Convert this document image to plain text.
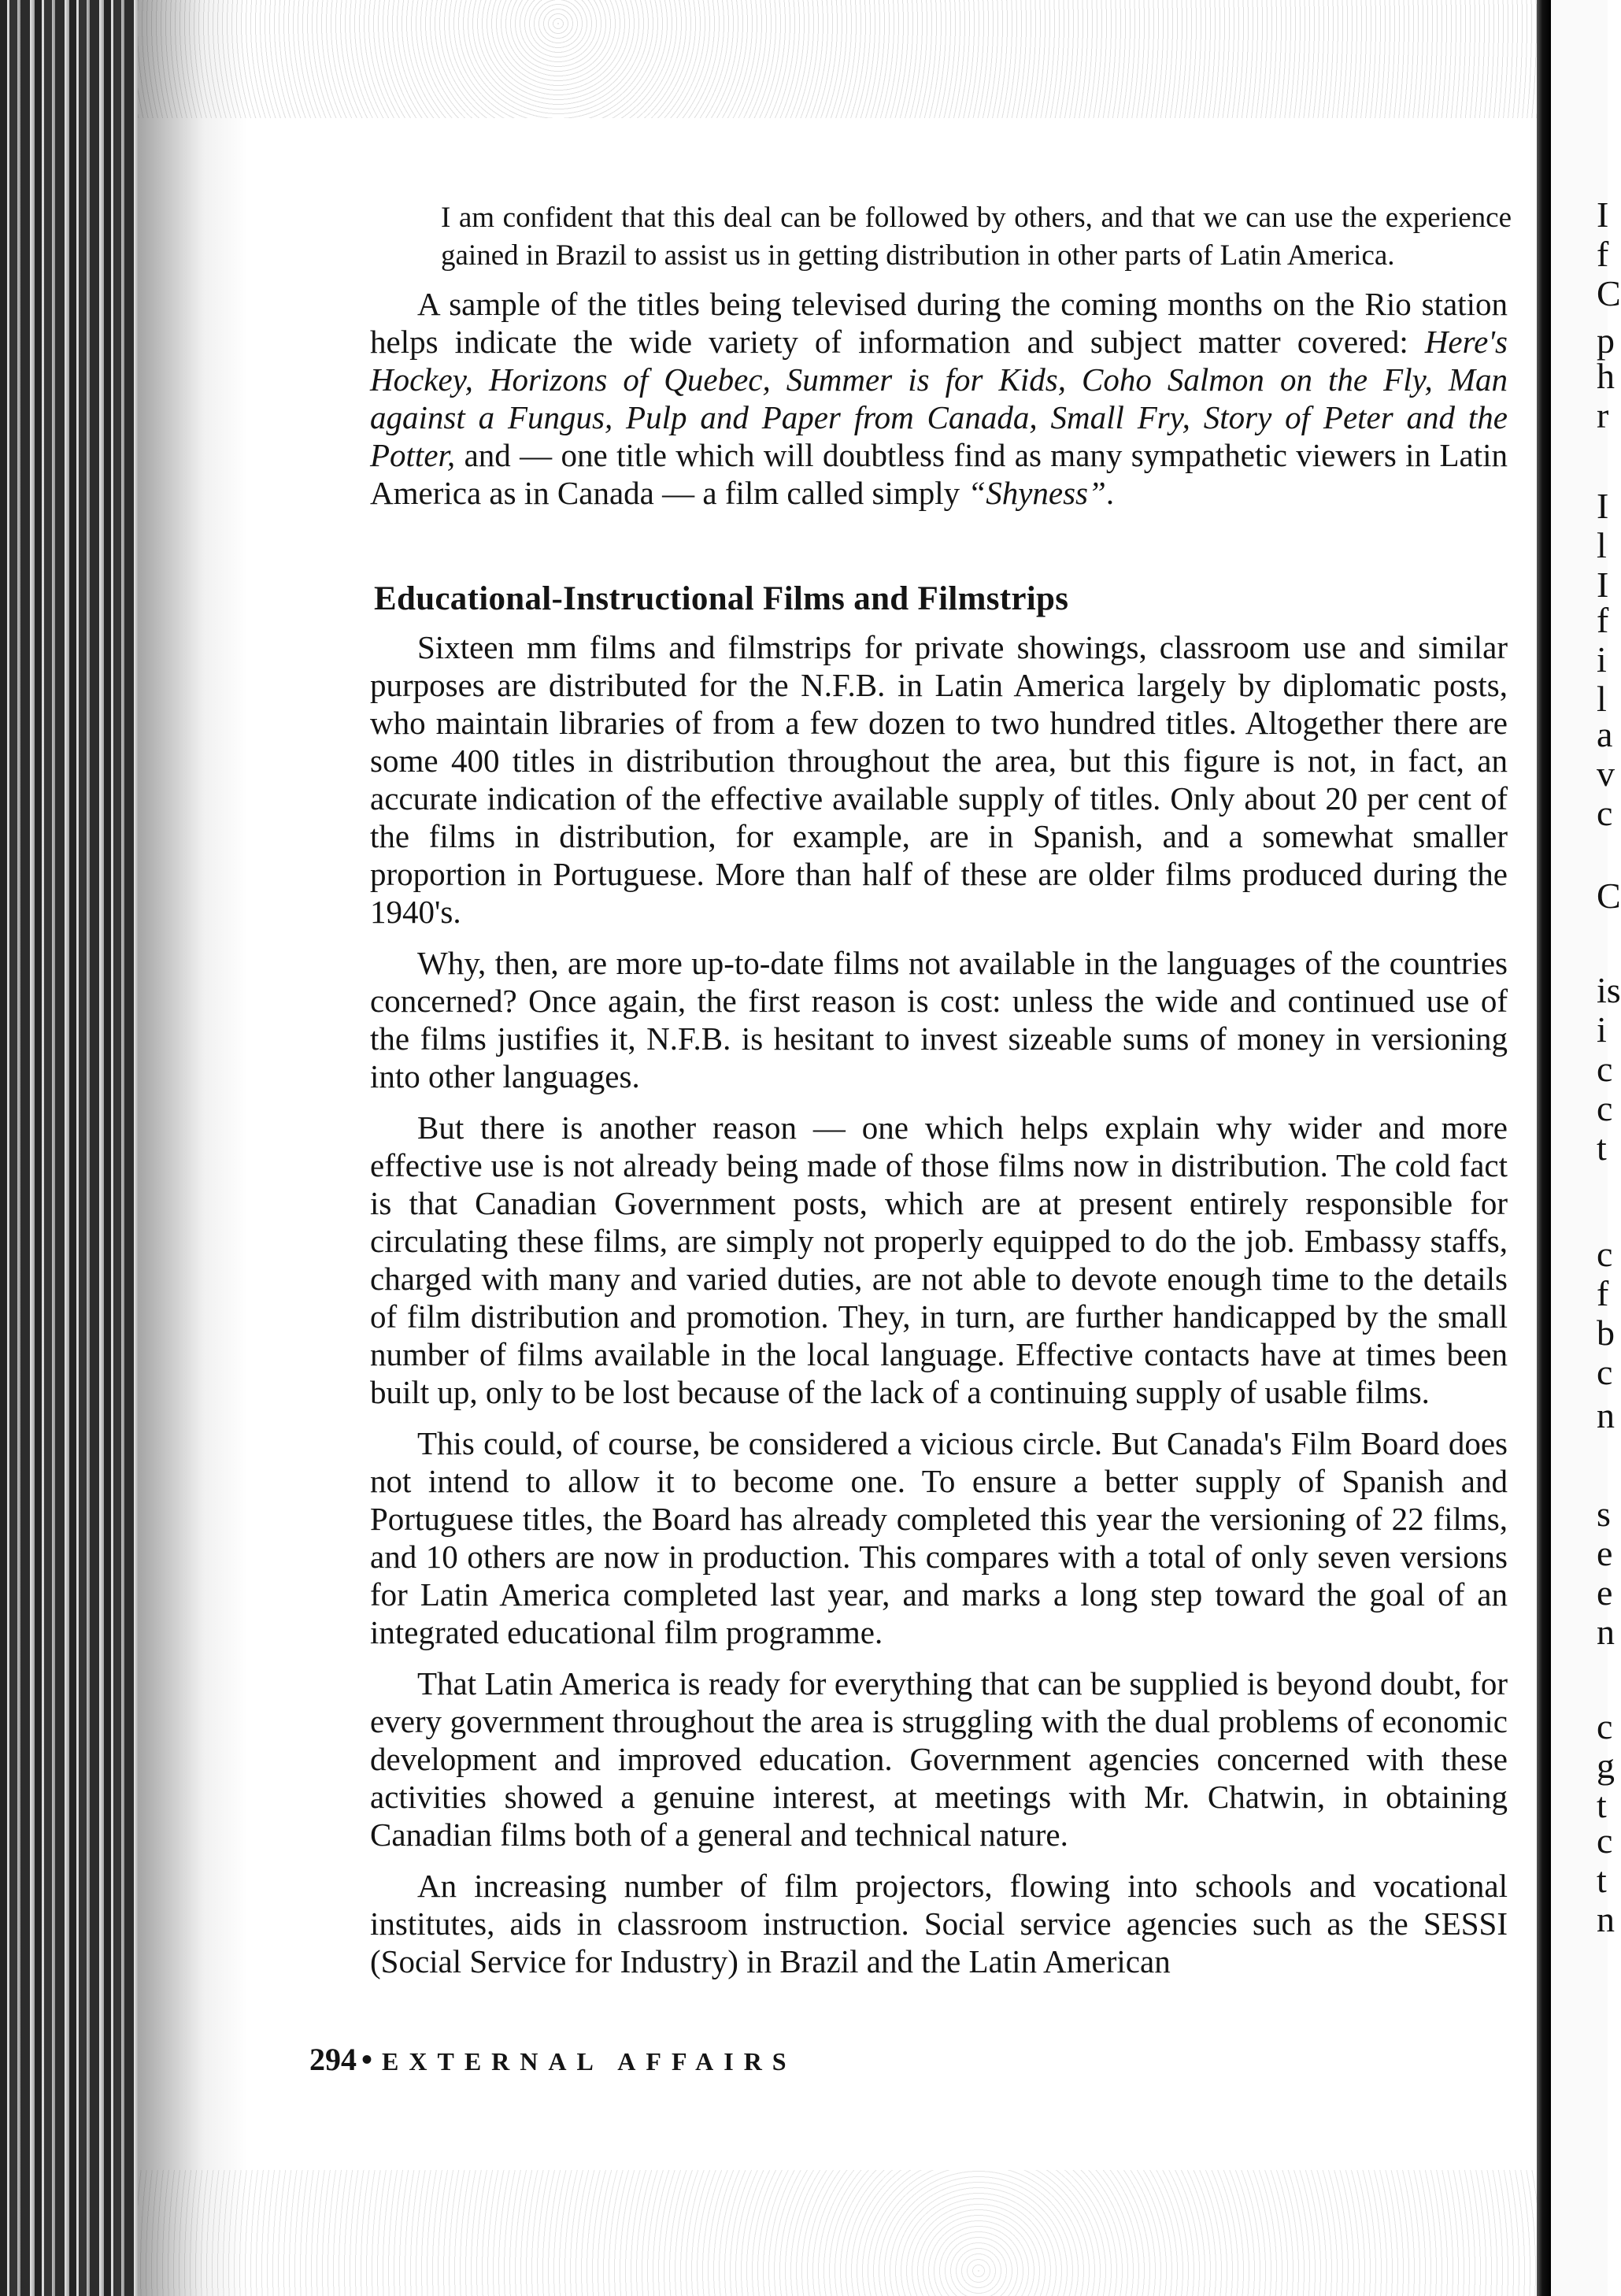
I am confident that this deal can be followed by others, and that we can use the experience gained in Brazil to assist us in getting distribution in other parts of Latin America.

A sample of the titles being televised during the coming months on the Rio station helps indicate the wide variety of information and subject matter covered: Here's Hockey, Horizons of Quebec, Summer is for Kids, Coho Salmon on the Fly, Man against a Fungus, Pulp and Paper from Canada, Small Fry, Story of Peter and the Potter, and — one title which will doubtless find as many sympathetic viewers in Latin America as in Canada — a film called simply “Shyness”.

Educational-Instructional Films and Filmstrips

Sixteen mm films and filmstrips for private showings, classroom use and similar purposes are distributed for the N.F.B. in Latin America largely by diplomatic posts, who maintain libraries of from a few dozen to two hundred titles. Altogether there are some 400 titles in distribution throughout the area, but this figure is not, in fact, an accurate indication of the effective available supply of titles. Only about 20 per cent of the films in distribution, for example, are in Spanish, and a somewhat smaller proportion in Portuguese. More than half of these are older films produced during the 1940's.

Why, then, are more up-to-date films not available in the languages of the countries concerned? Once again, the first reason is cost: unless the wide and continued use of the films justifies it, N.F.B. is hesitant to invest sizeable sums of money in versioning into other languages.

But there is another reason — one which helps explain why wider and more effective use is not already being made of those films now in distribution. The cold fact is that Canadian Government posts, which are at present entirely responsible for circulating these films, are simply not properly equipped to do the job. Embassy staffs, charged with many and varied duties, are not able to devote enough time to the details of film distribution and promotion. They, in turn, are further handicapped by the small number of films available in the local language. Effective contacts have at times been built up, only to be lost because of the lack of a continuing supply of usable films.

This could, of course, be considered a vicious circle. But Canada's Film Board does not intend to allow it to become one. To ensure a better supply of Spanish and Portuguese titles, the Board has already completed this year the versioning of 22 films, and 10 others are now in production. This compares with a total of only seven versions for Latin America completed last year, and marks a long step toward the goal of an integrated educational film programme.

That Latin America is ready for everything that can be supplied is beyond doubt, for every government throughout the area is struggling with the dual problems of economic development and improved education. Government agencies concerned with these activities showed a genuine interest, at meetings with Mr. Chatwin, in obtaining Canadian films both of a general and technical nature.

An increasing number of film projectors, flowing into schools and vocational institutes, aids in classroom instruction. Social service agencies such as the SESSI (Social Service for Industry) in Brazil and the Latin American

294 • EXTERNAL AFFAIRS
I
f
C
p
h
r
I
l
I
f
i
l
a
v
c
C
is
i
c
c
t
c
f
b
c
n
s
e
e
n
c
g
t
c
t
n
